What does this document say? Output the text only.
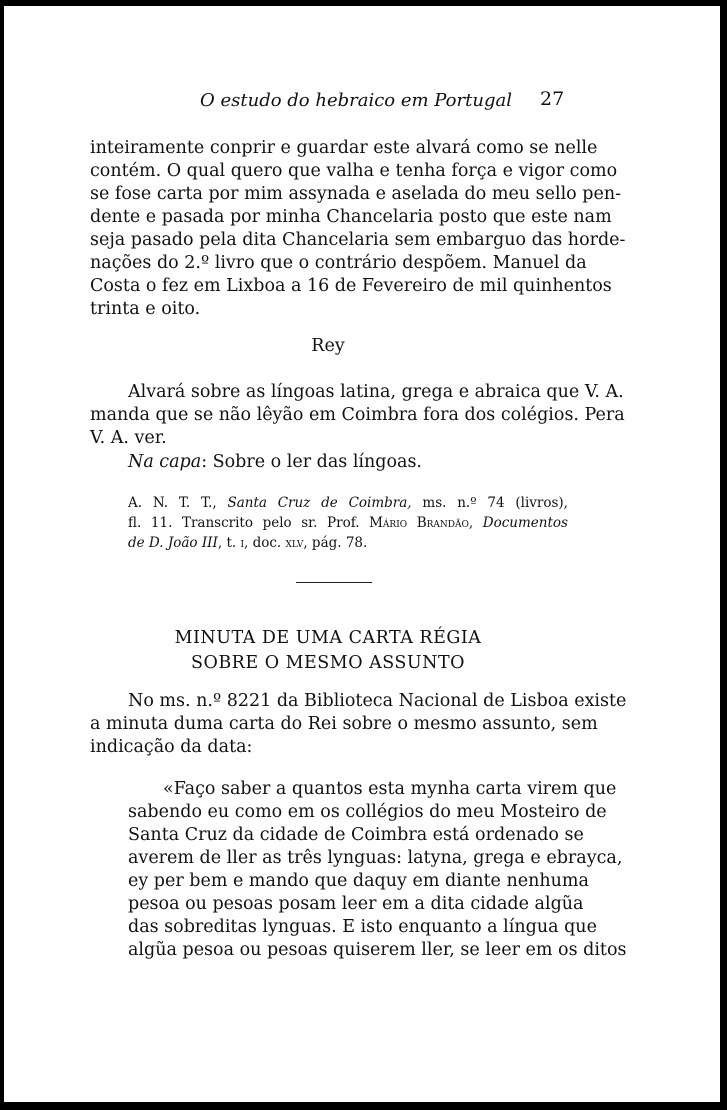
O estudo do hebraico em Portugal 27
inteiramente conprir e guardar este alvará como se nelle
contém. O qual quero que valha e tenha força e vigor como
se fose carta por mim assynada e aselada do meu sello pen-
dente e pasada por minha Chancelaria posto que este nam
seja pasado pela dita Chancelaria sem embarguo das horde-
nações do 2.º livro que o contrário despõem. Manuel da
Costa o fez em Lixboa a 16 de Fevereiro de mil quinhentos
trinta e oito.
Rey
Alvará sobre as língoas latina, grega e abraica que V. A.
manda que se não lêyão em Coimbra fora dos colégios. Pera
V. A. ver.
Na capa: Sobre o ler das língoas.
A. N. T. T., Santa Cruz de Coimbra, ms. n.º 74 (livros),
fl. 11. Transcrito pelo sr. Prof. Mário Brandão, Documentos
de D. João III, t. i, doc. xlv, pág. 78.
MINUTA DE UMA CARTA RÉGIA
SOBRE O MESMO ASSUNTO
No ms. n.º 8221 da Biblioteca Nacional de Lisboa existe
a minuta duma carta do Rei sobre o mesmo assunto, sem
indicação da data:
«Faço saber a quantos esta mynha carta virem que
sabendo eu como em os collégios do meu Mosteiro de
Santa Cruz da cidade de Coimbra está ordenado se
averem de ller as três lynguas: latyna, grega e ebrayca,
ey per bem e mando que daquy em diante nenhuma
pesoa ou pesoas posam leer em a dita cidade algũa
das sobreditas lynguas. E isto enquanto a língua que
algũa pesoa ou pesoas quiserem ller, se leer em os ditos
